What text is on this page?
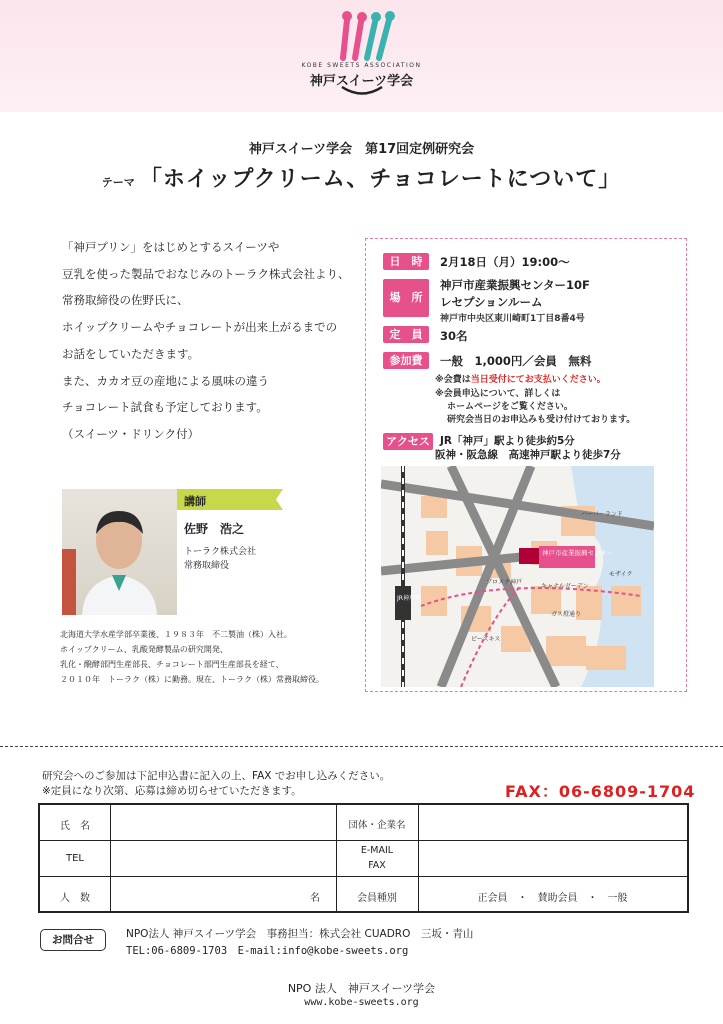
KOBE SWEETS ASSOCIATION
神戸スイーツ学会
神戸スイーツ学会　第17回定例研究会
テーマ 「ホイップクリーム、チョコレートについて」

「神戸プリン」をはじめとするスイーツや

豆乳を使った製品でおなじみのトーラク株式会社より、

常務取締役の佐野氏に、

ホイップクリームやチョコレートが出来上がるまでの

お話をしていただきます。

また、カカオ豆の産地による風味の違う

チョコレート試食も予定しております。

（スイーツ・ドリンク付）

日　時	2月18日（月）19:00～
場　所
神戸市産業振興センター10F
レセプションルーム
神戸市中央区東川崎町1丁目8番4号
定　員	30名
参加費	一般　1,000円／会員　無料
※会費は当日受付にてお支払いください。
※会員申込について、詳しくは
ホームページをご覧ください。
研究会当日のお申込みも受け付けております。
アクセス JR「神戸」駅より徒歩約5分
阪神・阪急線　高速神戸駅より徒歩7分
神戸市産業振興センター
JR神戸駅
キャナルガーデン
ハーバーランド
モザイク
ガス燈通り
ピーズキス
プロメナ神戸
講師
佐野　浩之
トーラク株式会社
常務取締役

北海道大学水産学部卒業後、１９８３年　不二製油（株）入社。

ホイップクリーム、乳酸発酵製品の研究開発、

乳化・醗酵部門生産部長、チョコレート部門生産部長を経て、

２０１０年　トーラク（株）に勤務。現在、トーラク（株）常務取締役。

研究会へのご参加は下記申込書に記入の上、FAX でお申し込みください。

※定員になり次第、応募は締め切らせていただきます。	FAX：06-6809-1704
氏　名	団体・企業名
TEL
E-MAIL
FAX
人　数	名	会員種別	正会員　・　賛助会員　・　一般
お問合せ	NPO法人 神戸スイーツ学会　事務担当：株式会社 CUADRO　三坂・青山
TEL:06-6809-1703　E-mail:info@kobe-sweets.org
NPO 法人　神戸スイーツ学会
www.kobe-sweets.org
